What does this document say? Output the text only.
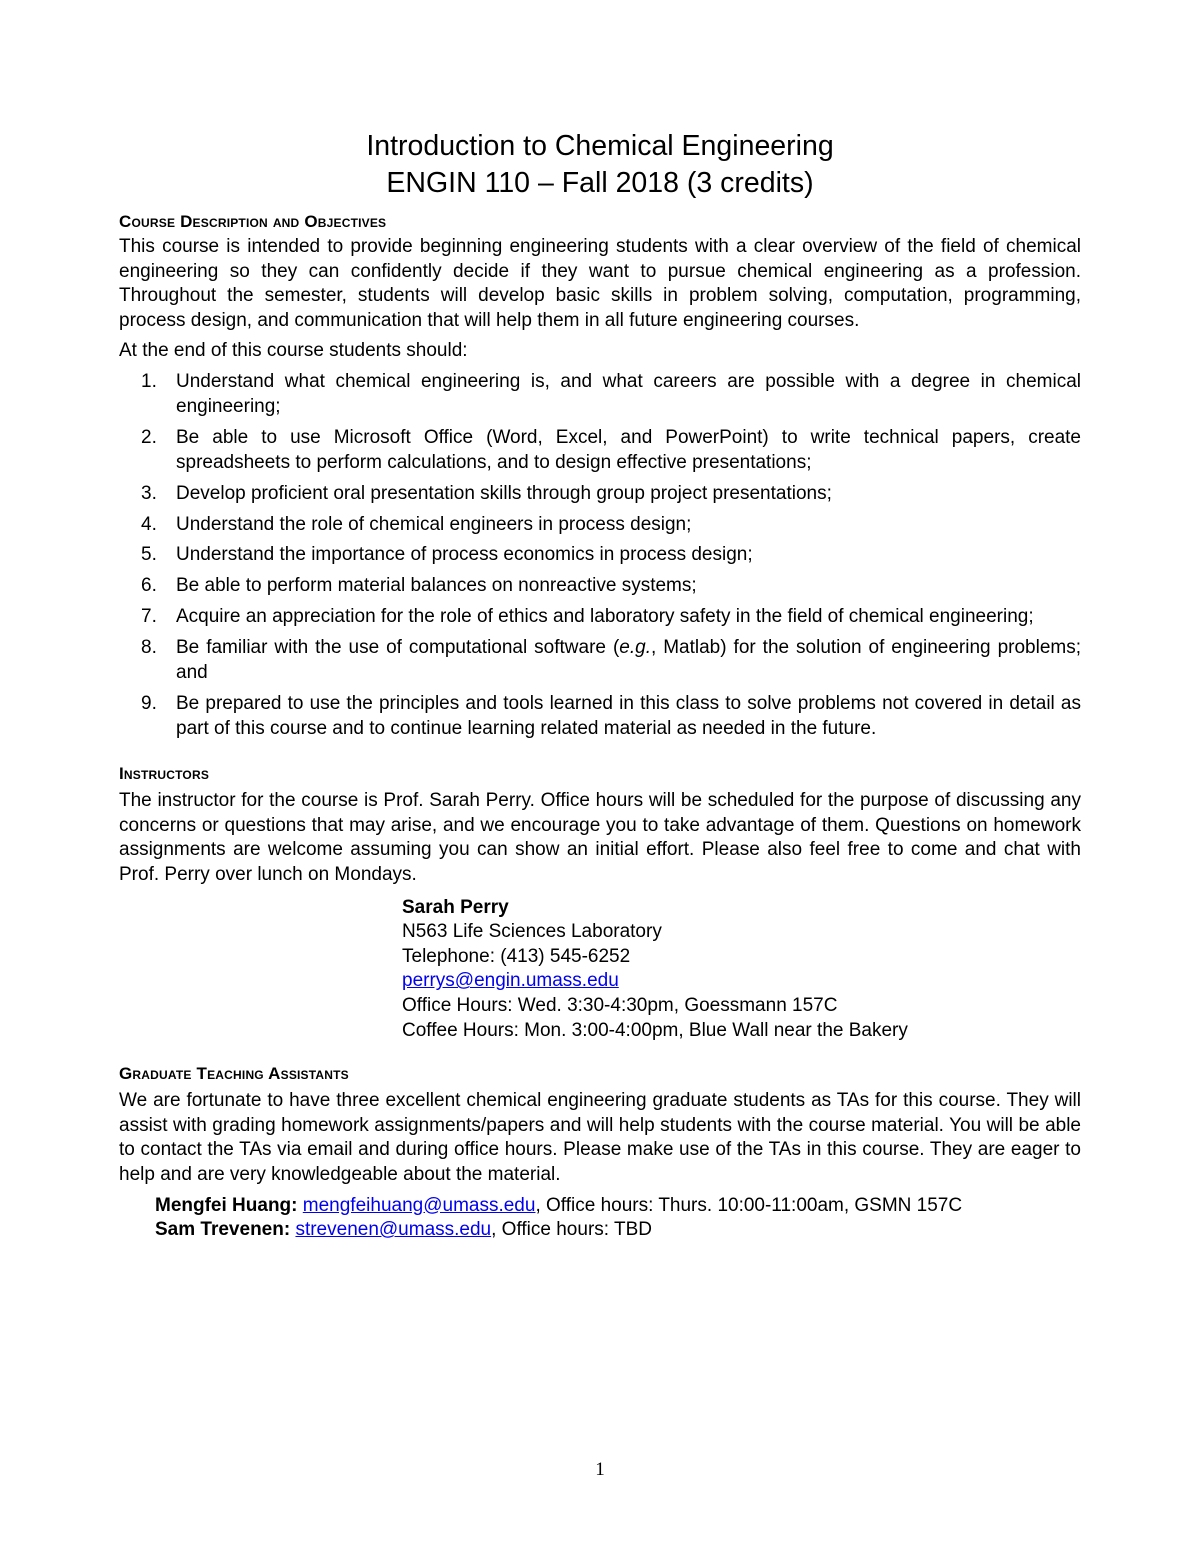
Introduction to Chemical Engineering
ENGIN 110 – Fall 2018 (3 credits)
Course Description and Objectives

This course is intended to provide beginning engineering students with a clear overview of the field of chemical engineering so they can confidently decide if they want to pursue chemical engineering as a profession. Throughout the semester, students will develop basic skills in problem solving, computation, programming, process design, and communication that will help them in all future engineering courses.

At the end of this course students should:

1. Understand what chemical engineering is, and what careers are possible with a degree in chemical engineering;
2. Be able to use Microsoft Office (Word, Excel, and PowerPoint) to write technical papers, create spreadsheets to perform calculations, and to design effective presentations;
3. Develop proficient oral presentation skills through group project presentations;
4. Understand the role of chemical engineers in process design;
5. Understand the importance of process economics in process design;
6. Be able to perform material balances on nonreactive systems;
7. Acquire an appreciation for the role of ethics and laboratory safety in the field of chemical engineering;
8. Be familiar with the use of computational software (e.g., Matlab) for the solution of engineering problems; and
9. Be prepared to use the principles and tools learned in this class to solve problems not covered in detail as part of this course and to continue learning related material as needed in the future.
Instructors

The instructor for the course is Prof. Sarah Perry. Office hours will be scheduled for the purpose of discussing any concerns or questions that may arise, and we encourage you to take advantage of them. Questions on homework assignments are welcome assuming you can show an initial effort. Please also feel free to come and chat with Prof. Perry over lunch on Mondays.

Sarah Perry
N563 Life Sciences Laboratory
Telephone: (413) 545-6252
perrys@engin.umass.edu
Office Hours: Wed. 3:30-4:30pm, Goessmann 157C
Coffee Hours: Mon. 3:00-4:00pm, Blue Wall near the Bakery
Graduate Teaching Assistants

We are fortunate to have three excellent chemical engineering graduate students as TAs for this course. They will assist with grading homework assignments/papers and will help students with the course material. You will be able to contact the TAs via email and during office hours. Please make use of the TAs in this course. They are eager to help and are very knowledgeable about the material.

Mengfei Huang: mengfeihuang@umass.edu, Office hours: Thurs. 10:00-11:00am, GSMN 157C
Sam Trevenen: strevenen@umass.edu, Office hours: TBD
1
